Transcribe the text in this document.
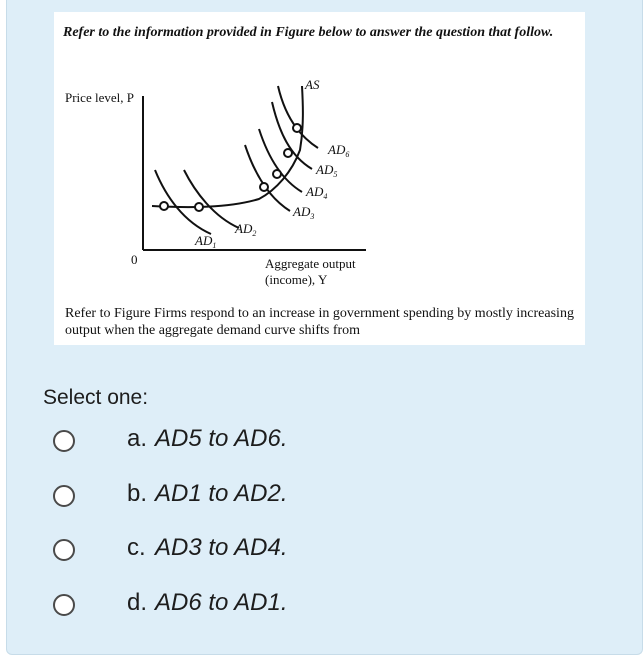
Refer to the information provided in Figure below to answer the question that follow.
Price level, P
0	Aggregate output
(income), Y
AS
$AD_1$
$AD_2$
$AD_3$
$AD_4$
$AD_5$
$AD_6$
Refer to Figure Firms respond to an increase in government spending by mostly increasing output when the aggregate demand curve shifts from
Select one:
a. AD5 to AD6.
b. AD1 to AD2.
c. AD3 to AD4.
d. AD6 to AD1.
